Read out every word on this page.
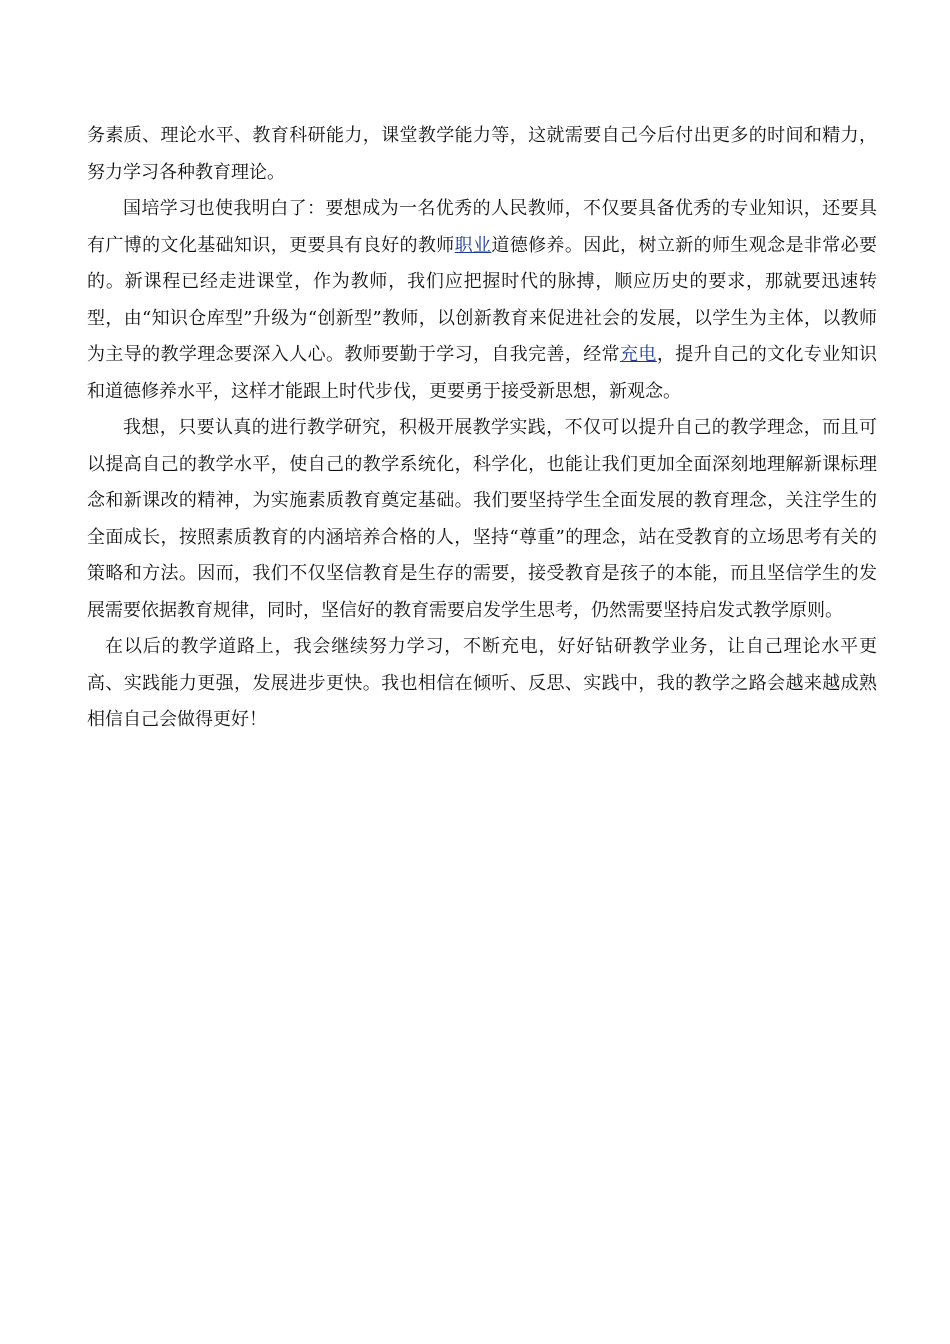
务素质、理论水平、教育科研能力，课堂教学能力等，这就需要自己今后付出更多的时间和精力，努力学习各种教育理论。

国培学习也使我明白了：要想成为一名优秀的人民教师，不仅要具备优秀的专业知识，还要具有广博的文化基础知识，更要具有良好的教师职业道德修养。因此，树立新的师生观念是非常必要的。新课程已经走进课堂，作为教师，我们应把握时代的脉搏，顺应历史的要求，那就要迅速转型，由“知识仓库型”升级为“创新型”教师，以创新教育来促进社会的发展，以学生为主体，以教师为主导的教学理念要深入人心。教师要勤于学习，自我完善，经常充电，提升自己的文化专业知识和道德修养水平，这样才能跟上时代步伐，更要勇于接受新思想，新观念。

我想，只要认真的进行教学研究，积极开展教学实践，不仅可以提升自己的教学理念，而且可以提高自己的教学水平，使自己的教学系统化，科学化，也能让我们更加全面深刻地理解新课标理念和新课改的精神，为实施素质教育奠定基础。我们要坚持学生全面发展的教育理念，关注学生的全面成长，按照素质教育的内涵培养合格的人，坚持“尊重”的理念，站在受教育的立场思考有关的策略和方法。因而，我们不仅坚信教育是生存的需要，接受教育是孩子的本能，而且坚信学生的发展需要依据教育规律，同时，坚信好的教育需要启发学生思考，仍然需要坚持启发式教学原则。

在以后的教学道路上，我会继续努力学习，不断充电，好好钻研教学业务，让自己理论水平更高、实践能力更强，发展进步更快。我也相信在倾听、反思、实践中，我的教学之路会越来越成熟相信自己会做得更好！
